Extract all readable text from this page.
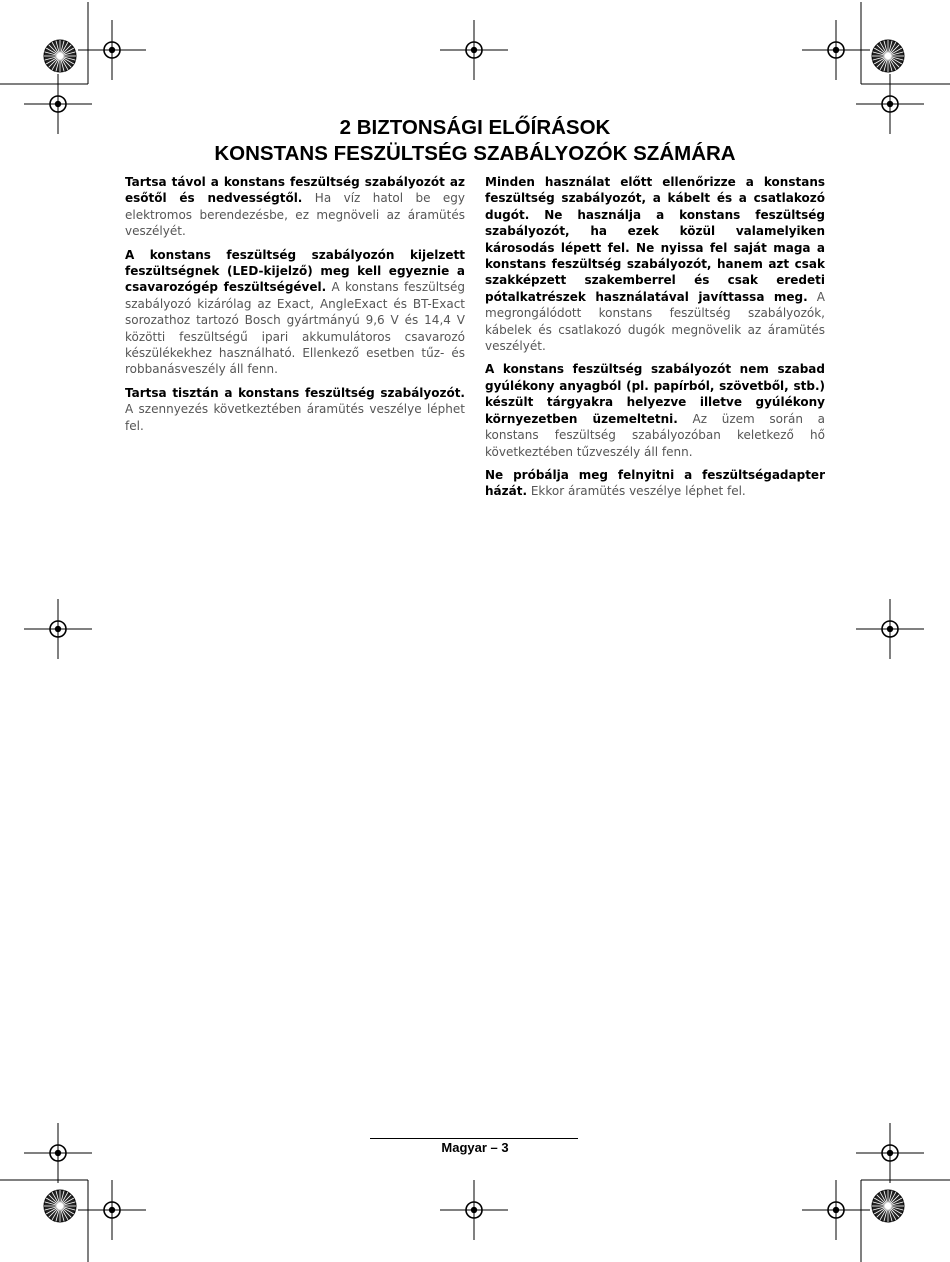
2 BIZTONSÁGI ELŐÍRÁSOK
KONSTANS FESZÜLTSÉG SZABÁLYOZÓK SZÁMÁRA

Tartsa távol a konstans feszültség szabályozót az esőtől és nedvességtől. Ha víz hatol be egy elektromos berendezésbe, ez megnöveli az áramütés veszélyét.

A konstans feszültség szabályozón kijelzett feszültségnek (LED-kijelző) meg kell egyeznie a csavarozógép feszültségével. A konstans feszültség szabályozó kizárólag az Exact, AngleExact és BT-Exact sorozathoz tartozó Bosch gyártmányú 9,6 V és 14,4 V közötti feszültségű ipari akkumulátoros csavarozó készülékekhez használható. Ellenkező esetben tűz- és robbanásveszély áll fenn.

Tartsa tisztán a konstans feszültség szabályozót. A szennyezés következtében áramütés veszélye léphet fel.

Minden használat előtt ellenőrizze a konstans feszültség szabályozót, a kábelt és a csatlakozó dugót. Ne használja a konstans feszültség szabályozót, ha ezek közül valamelyiken károsodás lépett fel. Ne nyissa fel saját maga a konstans feszültség szabályozót, hanem azt csak szakképzett szakemberrel és csak eredeti pótalkatrészek használatával javíttassa meg. A megrongálódott konstans feszültség szabályozók, kábelek és csatlakozó dugók megnövelik az áramütés veszélyét.

A konstans feszültség szabályozót nem szabad gyúlékony anyagból (pl. papírból, szövetből, stb.) készült tárgyakra helyezve illetve gyúlékony környezetben üzemeltetni. Az üzem során a konstans feszültség szabályozóban keletkező hő következtében tűzveszély áll fenn.

Ne próbálja meg felnyitni a feszültségadapter házát. Ekkor áramütés veszélye léphet fel.

Magyar – 3
